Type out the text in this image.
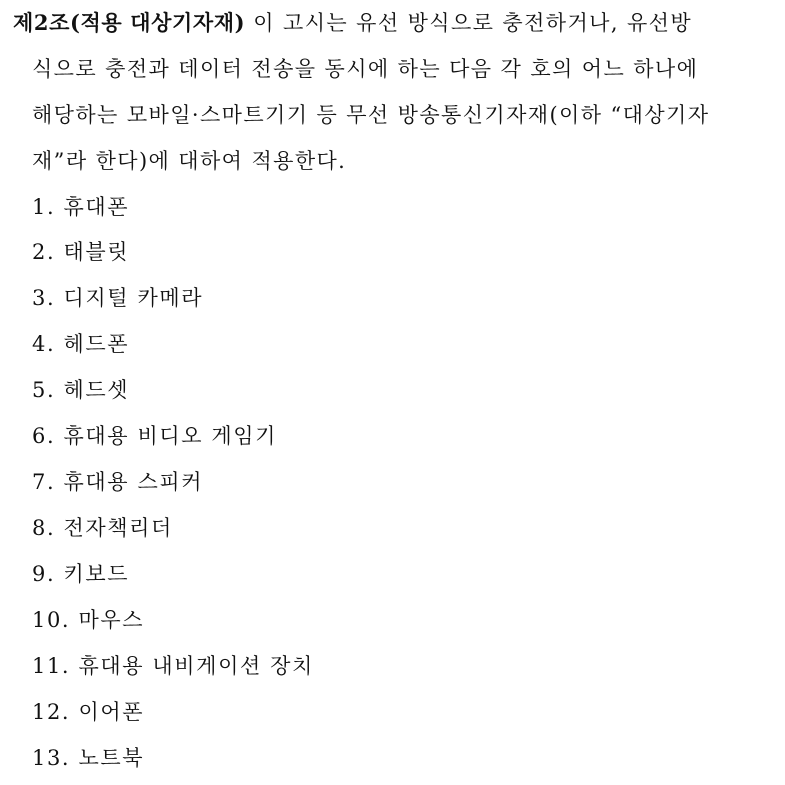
제2조(적용 대상기자재) 이 고시는 유선 방식으로 충전하거나, 유선방
식으로 충전과 데이터 전송을 동시에 하는 다음 각 호의 어느 하나에
해당하는 모바일·스마트기기 등 무선 방송통신기자재(이하 “대상기자
재”라 한다)에 대하여 적용한다.
1. 휴대폰
2. 태블릿
3. 디지털 카메라
4. 헤드폰
5. 헤드셋
6. 휴대용 비디오 게임기
7. 휴대용 스피커
8. 전자책리더
9. 키보드
10. 마우스
11. 휴대용 내비게이션 장치
12. 이어폰
13. 노트북
